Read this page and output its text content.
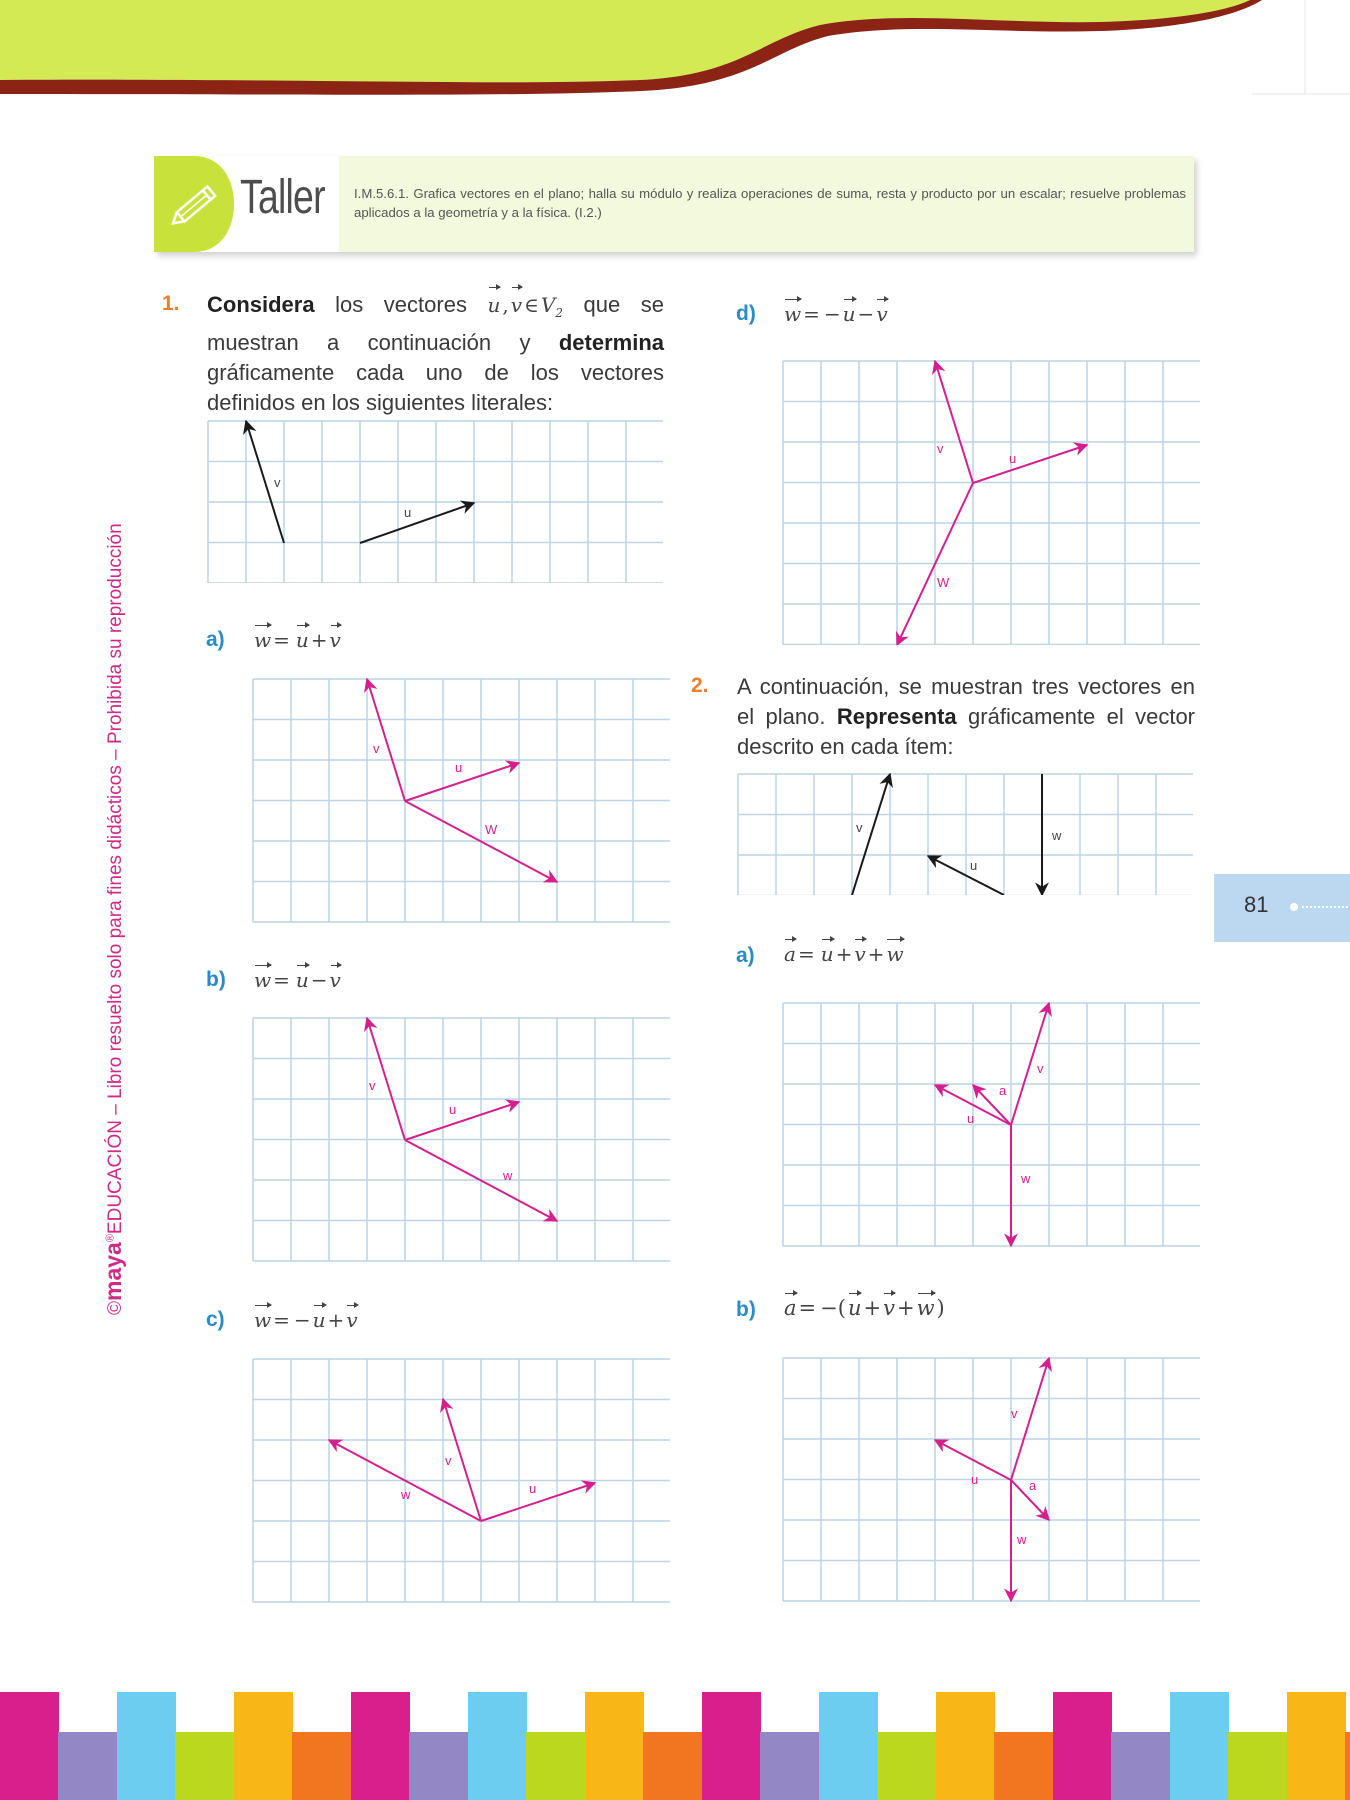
©maya®EDUCACIÓN – Libro resuelto solo para fines didácticos – Prohibida su reproducción
Taller I.M.5.6.1. Grafica vectores en el plano; halla su módulo y realiza operaciones de suma, resta y producto por un escalar; resuelve problemas aplicados a la geometría y a la física. (I.2.)
1. Considera los vectores u , v ∈ $V_2$ que se muestran a continuación y determina gráficamente cada uno de los vectores definidos en los siguientes literales:
v
u
a) w = u + v
v
u
W
b) w = u − v
v
u
w
c) w = − u + v
v
u
w
d) w = − u − v
v
u
W
2. A continuación, se muestran tres vectores en el plano. Representa gráficamente el vector descrito en cada ítem:
v
u
w
a) a = u + v + w
v
u
w
a
b) a= −(u+v+w)
v
u
w
a
81
